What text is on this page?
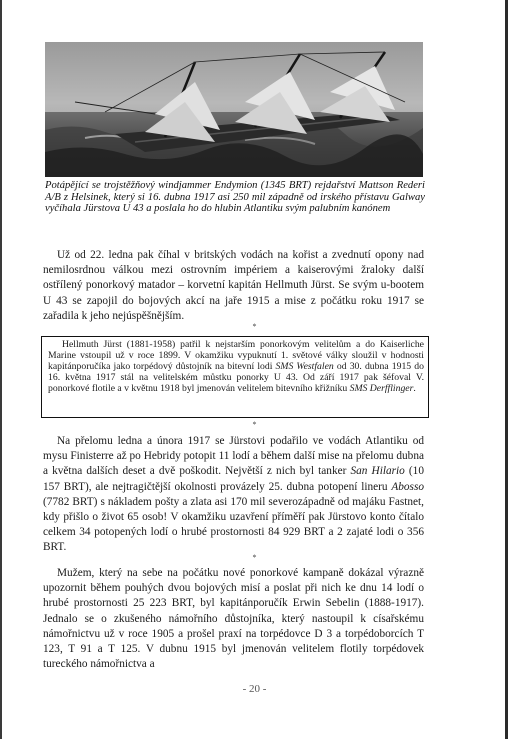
Potápějící se trojstěžňový windjammer Endymion (1345 BRT) rejdařství Mattson Rederi A/B z Helsinek, který si 16. dubna 1917 asi 250 mil západně od irského přístavu Galway vyčíhala Jürstova U 43 a poslala ho do hlubin Atlantiku svým palubním kanónem
Už od 22. ledna pak číhal v britských vodách na kořist a zvednutí opony nad nemilosrdnou válkou mezi ostrovním impériem a kaiserovými žraloky další ostřílený ponorkový matador – korvetní kapitán Hellmuth Jürst. Se svým u-bootem U 43 se zapojil do bojových akcí na jaře 1915 a mise z počátku roku 1917 se zařadila k jeho nejúspěšnějším.
*
Hellmuth Jürst (1881-1958) patřil k nejstarším ponorkovým velitelům a do Kaiserliche Marine vstoupil už v roce 1899. V okamžiku vypuknutí 1. světové války sloužil v hodnosti kapitánporučíka jako torpédový důstojník na bitevní lodi SMS Westfalen od 30. dubna 1915 do 16. května 1917 stál na velitelském můstku ponorky U 43. Od září 1917 pak šéfoval V. ponorkové flotile a v květnu 1918 byl jmenován velitelem bitevního křižníku SMS Derfflinger.
*
Na přelomu ledna a února 1917 se Jürstovi podařilo ve vodách Atlantiku od mysu Finisterre až po Hebridy potopit 11 lodí a během další mise na přelomu dubna a května dalších deset a dvě poškodit. Největší z nich byl tanker San Hilario (10 157 BRT), ale nejtragičtější okolnosti provázely 25. dubna potopení lineru Abosso (7782 BRT) s nákladem pošty a zlata asi 170 mil severozápadně od majáku Fastnet, kdy přišlo o život 65 osob! V okamžiku uzavření příměří pak Jürstovo konto čítalo celkem 34 potopených lodí o hrubé prostornosti 84 929 BRT a 2 zajaté lodi o 356 BRT.
*
Mužem, který na sebe na počátku nové ponorkové kampaně dokázal výrazně upozornit během pouhých dvou bojových misí a poslat při nich ke dnu 14 lodí o hrubé prostornosti 25 223 BRT, byl kapitánporučík Erwin Sebelin (1888-1917). Jednalo se o zkušeného námořního důstojníka, který nastoupil k císařskému námořnictvu už v roce 1905 a prošel praxí na torpédovce D 3 a torpédoborcích T 123, T 91 a T 125. V dubnu 1915 byl jmenován velitelem flotily torpédovek tureckého námořnictva a
- 20 -
